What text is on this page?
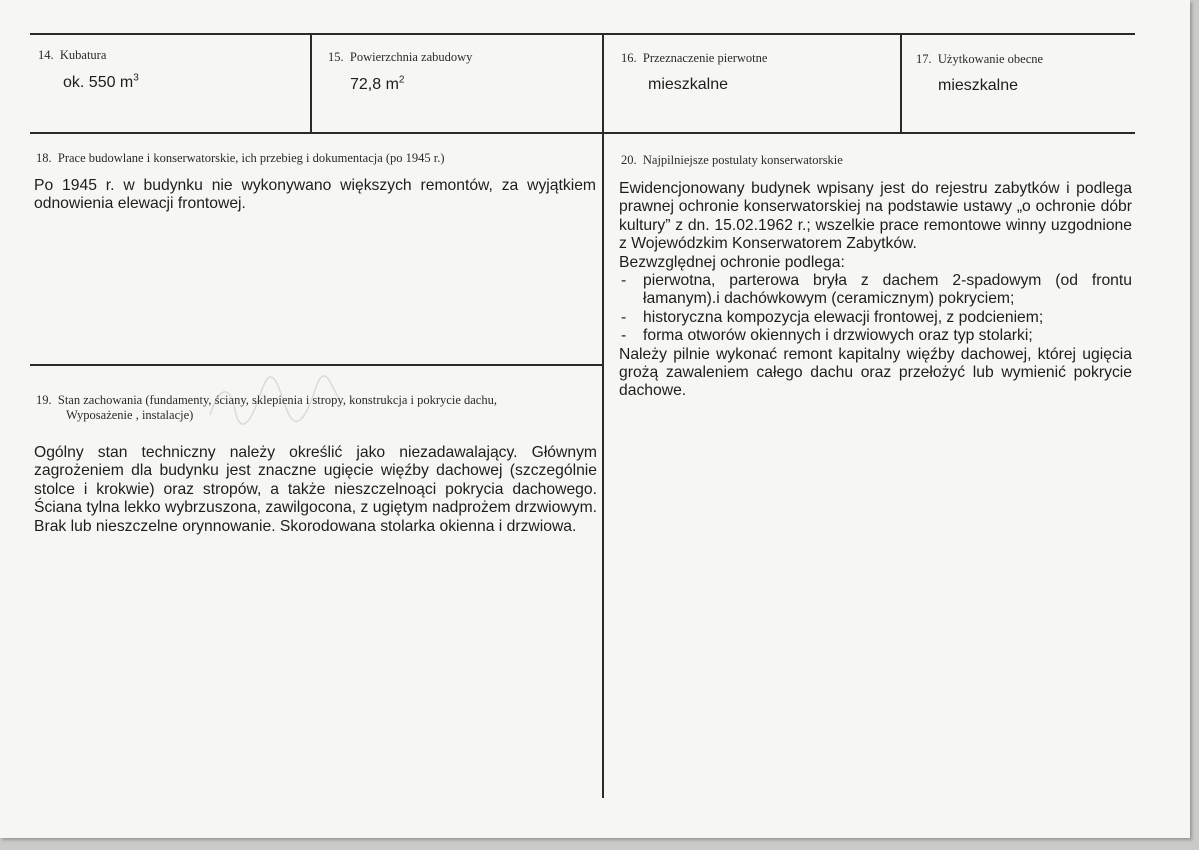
14.  Kubatura
ok. 550 $m^3$
15.  Powierzchnia zabudowy
72,8 $m^2$
16.  Przeznaczenie pierwotne
mieszkalne
17.  Użytkowanie obecne
mieszkalne
18.  Prace budowlane i konserwatorskie, ich przebieg i dokumentacja (po 1945 r.)
Po 1945 r. w budynku nie wykonywano większych remontów, za wyjątkiem odnowienia elewacji frontowej.
19.  Stan zachowania (fundamenty, ściany, sklepienia i stropy, konstrukcja i pokrycie dachu,
Wyposażenie , instalacje)
Ogólny stan techniczny należy określić jako niezadawalający. Głównym zagrożeniem dla budynku jest znaczne ugięcie więźby dachowej (szczególnie stolce i krokwie) oraz stropów, a także nieszczelnoąci pokrycia dachowego. Ściana tylna lekko wybrzuszona, zawilgocona, z ugiętym nadprożem drzwiowym. Brak lub nieszczelne orynnowanie. Skorodowana stolarka okienna i drzwiowa.
20.  Najpilniejsze postulaty konserwatorskie
Ewidencjonowany budynek wpisany jest do rejestru zabytków i podlega prawnej ochronie konserwatorskiej na podstawie ustawy „o ochronie dóbr kultury” z dn. 15.02.1962 r.; wszelkie prace remontowe winny uzgodnione z Wojewódzkim Konserwatorem Zabytków.
Bezwzględnej ochronie podlega:
- pierwotna, parterowa bryła z dachem 2-spadowym (od frontu łamanym).i dachówkowym (ceramicznym) pokryciem;
- historyczna kompozycja elewacji frontowej, z podcieniem;
- forma otworów okiennych i drzwiowych oraz typ stolarki;
Należy pilnie wykonać remont kapitalny więźby dachowej, której ugięcia grożą zawaleniem całego dachu oraz przełożyć lub wymienić pokrycie dachowe.
